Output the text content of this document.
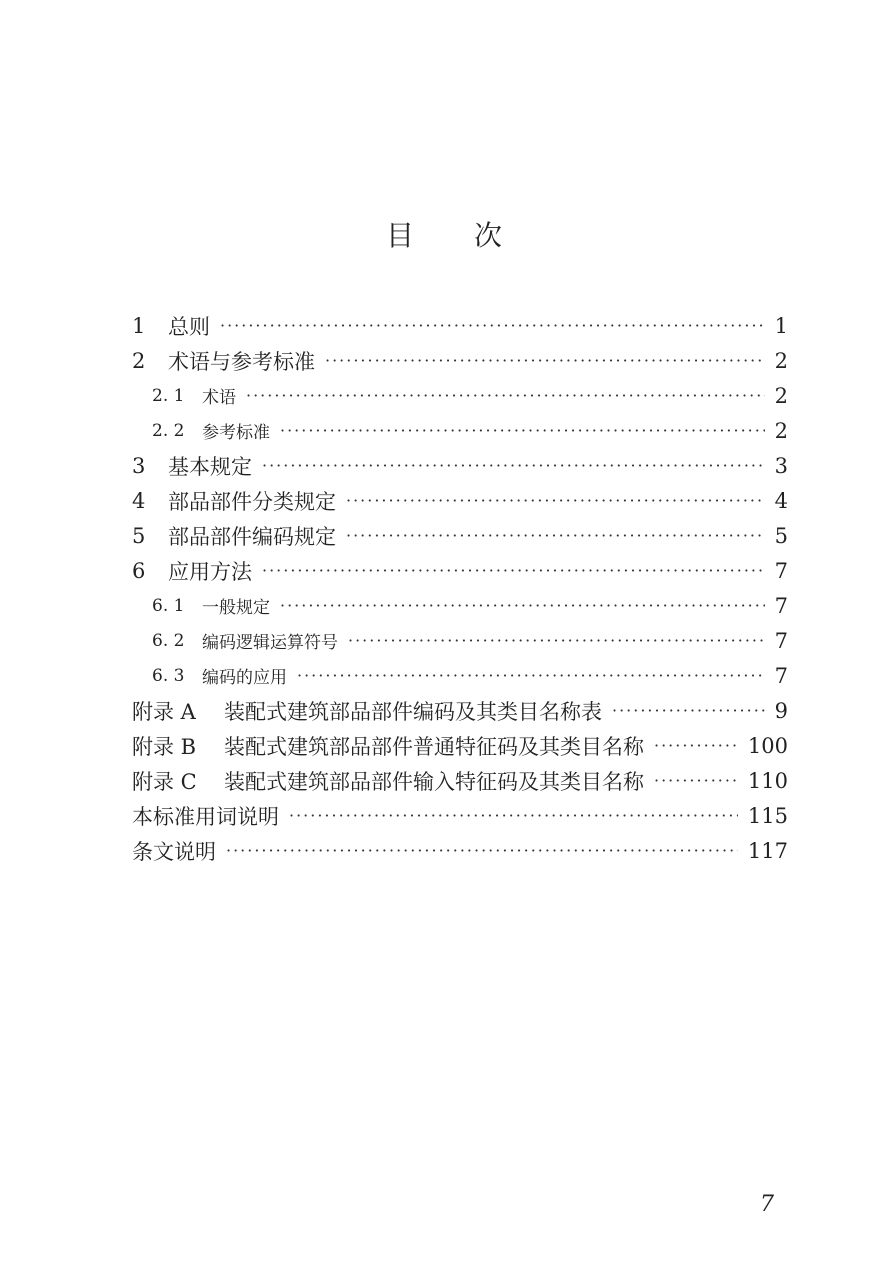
目 次
1	总则 ·····	1
2	术语与参考标准 ·····	2
2. 1	术语 ·····	2
2. 2	参考标准 ·····	2
3	基本规定 ·····	3
4	部品部件分类规定 ·····	4
5	部品部件编码规定 ·····	5
6	应用方法 ·····	7
6. 1	一般规定 ·····	7
6. 2	编码逻辑运算符号 ·····	7
6. 3	编码的应用 ·····	7
附录 A	装配式建筑部品部件编码及其类目名称表 ·····	9
附录 B	装配式建筑部品部件普通特征码及其类目名称 ·····	100
附录 C	装配式建筑部品部件输入特征码及其类目名称 ·····	110
本标准用词说明 ·····	115
条文说明 ·····	117
7
